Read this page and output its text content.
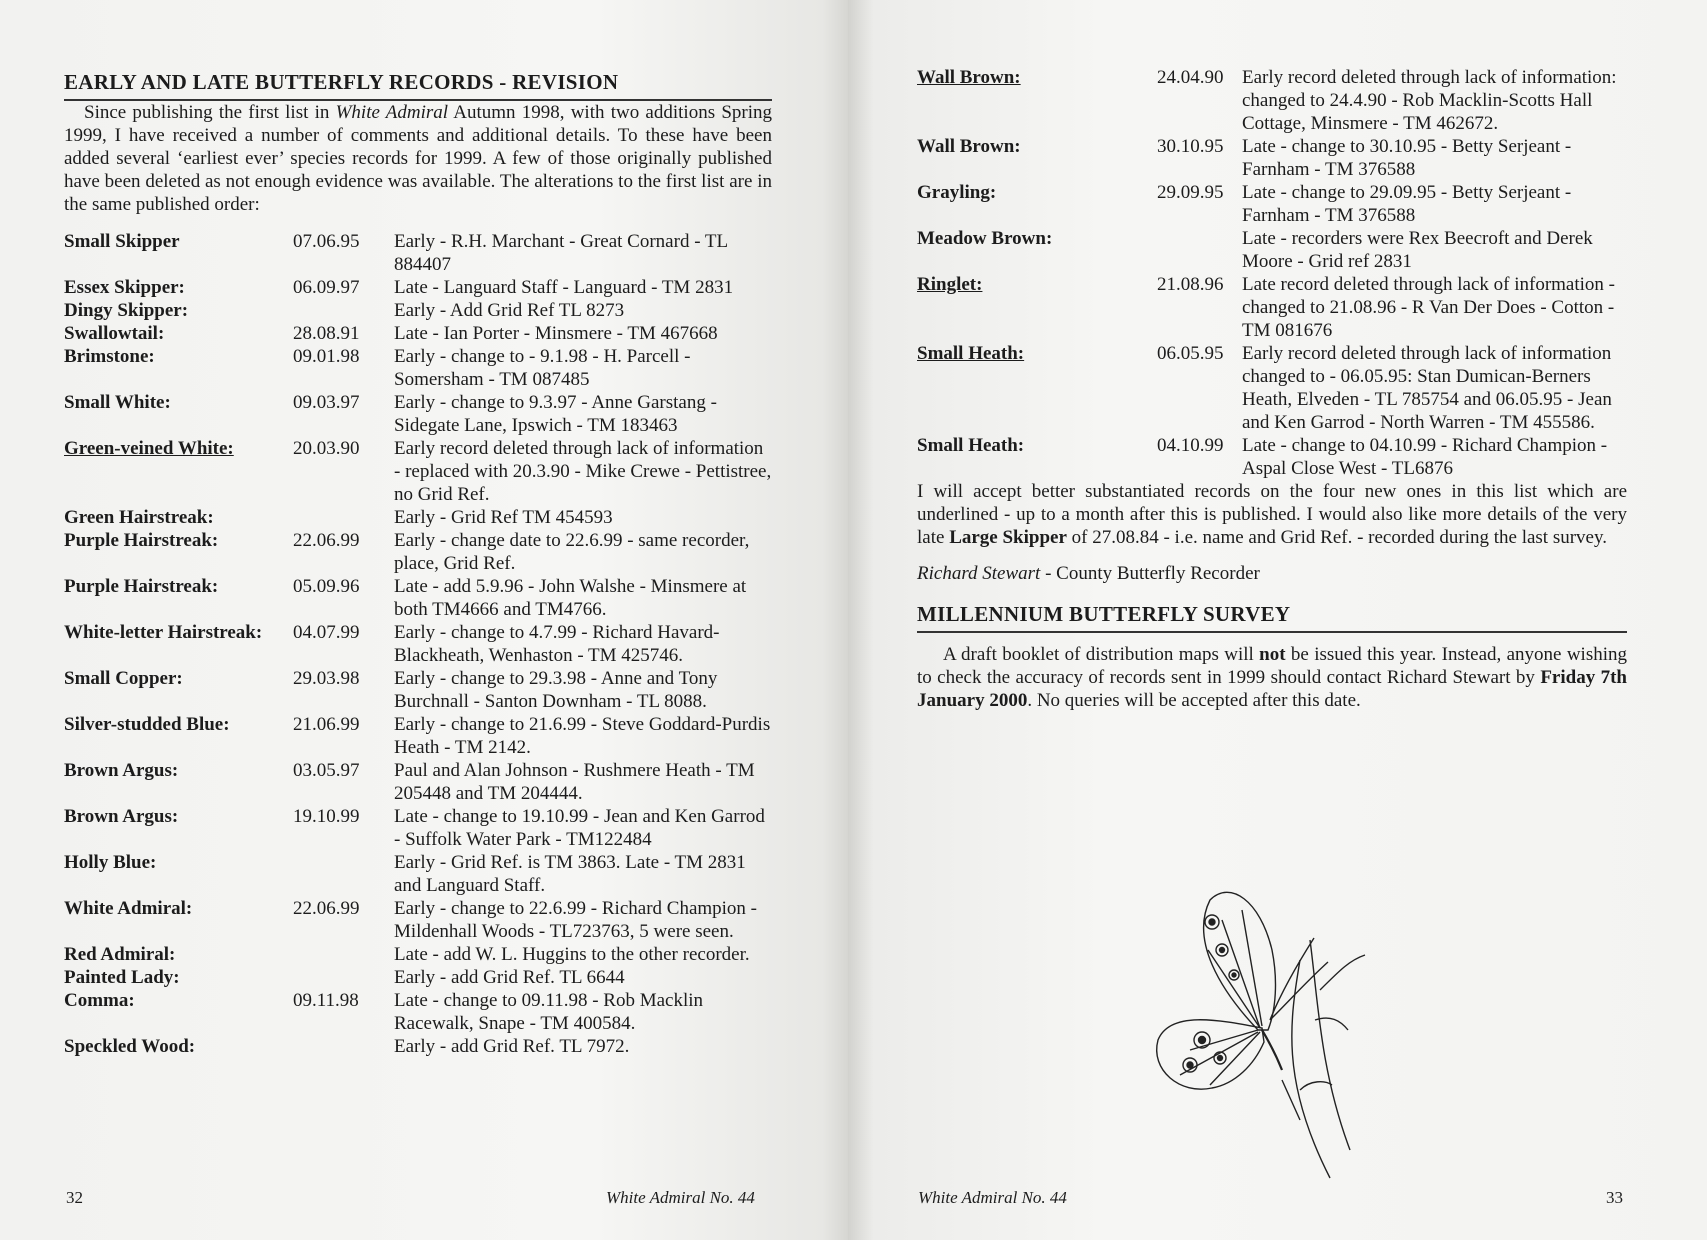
EARLY AND LATE BUTTERFLY RECORDS - REVISION

Since publishing the first list in White Admiral Autumn 1998, with two additions Spring 1999, I have received a number of comments and additional details. To these have been added several ‘earliest ever’ species records for 1999. A few of those originally published have been deleted as not enough evidence was available. The alterations to the first list are in the same published order:

Small Skipper	07.06.95	Early - R.H. Marchant - Great Cornard - TL 884407
Essex Skipper:	06.09.97	Late - Languard Staff - Languard - TM 2831
Dingy Skipper:	Early - Add Grid Ref TL 8273
Swallowtail:	28.08.91	Late - Ian Porter - Minsmere - TM 467668
Brimstone:	09.01.98	Early - change to - 9.1.98 - H. Parcell - Somersham - TM 087485
Small White:	09.03.97	Early - change to 9.3.97 - Anne Garstang - Sidegate Lane, Ipswich - TM 183463
Green-veined White:	20.03.90	Early record deleted through lack of information - replaced with 20.3.90 - Mike Crewe - Pettistree, no Grid Ref.
Green Hairstreak:	Early - Grid Ref TM 454593
Purple Hairstreak:	22.06.99	Early - change date to 22.6.99 - same recorder, place, Grid Ref.
Purple Hairstreak:	05.09.96	Late - add 5.9.96 - John Walshe - Minsmere at both TM4666 and TM4766.
White-letter Hairstreak:	04.07.99	Early - change to 4.7.99 - Richard Havard-Blackheath, Wenhaston - TM 425746.
Small Copper:	29.03.98	Early - change to 29.3.98 - Anne and Tony Burchnall - Santon Downham - TL 8088.
Silver-studded Blue:	21.06.99	Early - change to 21.6.99 - Steve Goddard-Purdis Heath - TM 2142.
Brown Argus:	03.05.97	Paul and Alan Johnson - Rushmere Heath - TM 205448 and TM 204444.
Brown Argus:	19.10.99	Late - change to 19.10.99 - Jean and Ken Garrod - Suffolk Water Park - TM122484
Holly Blue:	Early - Grid Ref. is TM 3863. Late - TM 2831 and Languard Staff.
White Admiral:	22.06.99	Early - change to 22.6.99 - Richard Champion - Mildenhall Woods - TL723763, 5 were seen.
Red Admiral:	Late - add W. L. Huggins to the other recorder.
Painted Lady:	Early - add Grid Ref. TL 6644
Comma:	09.11.98	Late - change to 09.11.98 - Rob Macklin Racewalk, Snape - TM 400584.
Speckled Wood:	Early - add Grid Ref. TL 7972.
Wall Brown:	24.04.90 Early record deleted through lack of information: changed to 24.4.90 - Rob Macklin-Scotts Hall Cottage, Minsmere - TM 462672.
Wall Brown:	30.10.95 Late - change to 30.10.95 - Betty Serjeant - Farnham - TM 376588
Grayling:	29.09.95 Late - change to 29.09.95 - Betty Serjeant - Farnham - TM 376588
Meadow Brown:	Late - recorders were Rex Beecroft and Derek Moore - Grid ref 2831
Ringlet:	21.08.96 Late record deleted through lack of information - changed to 21.08.96 - R Van Der Does - Cotton - TM 081676
Small Heath:	06.05.95 Early record deleted through lack of information changed to - 06.05.95: Stan Dumican-Berners Heath, Elveden - TL 785754 and 06.05.95 - Jean and Ken Garrod - North Warren - TM 455586.
Small Heath:	04.10.99 Late - change to 04.10.99 - Richard Champion - Aspal Close West - TL6876

I will accept better substantiated records on the four new ones in this list which are underlined - up to a month after this is published. I would also like more details of the very late Large Skipper of 27.08.84 - i.e. name and Grid Ref. - recorded during the last survey.

Richard Stewart - County Butterfly Recorder
MILLENNIUM BUTTERFLY SURVEY

A draft booklet of distribution maps will not be issued this year. Instead, anyone wishing to check the accuracy of records sent in 1999 should contact Richard Stewart by Friday 7th January 2000. No queries will be accepted after this date.

32	White Admiral No. 44	White Admiral No. 44	33
